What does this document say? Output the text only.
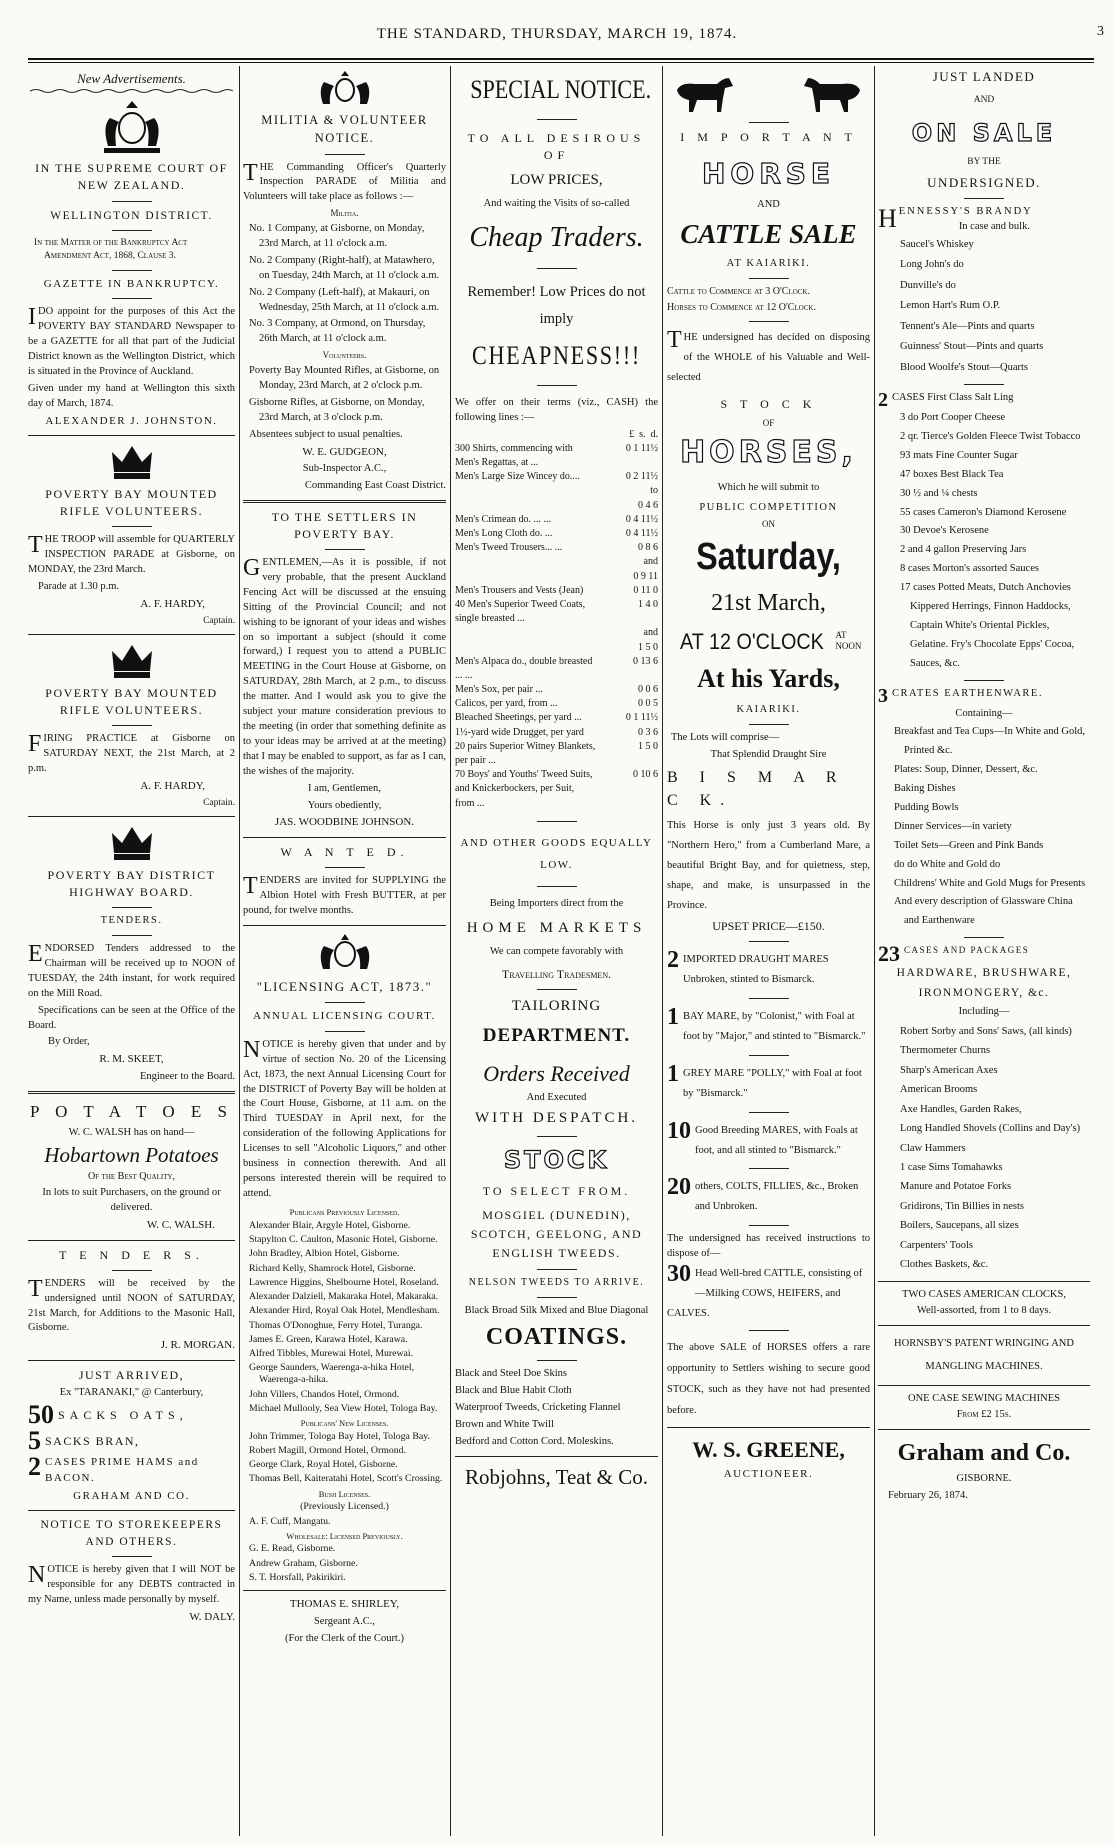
THE STANDARD, THURSDAY, MARCH 19, 1874.	3
New Advertisements.
IN THE SUPREME COURT OF NEW ZEALAND.
WELLINGTON DISTRICT.

In the Matter of the Bankruptcy Act Amendment Act, 1868, Clause 3.

GAZETTE IN BANKRUPTCY.

IDO appoint for the purposes of this Act the POVERTY BAY STANDARD Newspaper to be a GAZETTE for all that part of the Judicial District known as the Wellington District, which is situated in the Province of Auckland.

Given under my hand at Wellington this sixth day of March, 1874.

ALEXANDER J. JOHNSTON.

POVERTY BAY MOUNTED RIFLE VOLUNTEERS.

THE TROOP will assemble for QUARTERLY INSPECTION PARADE at Gisborne, on MONDAY, the 23rd March.

Parade at 1.30 p.m.

A. F. HARDY,

Captain.

POVERTY BAY MOUNTED RIFLE VOLUNTEERS.

FIRING PRACTICE at Gisborne on SATURDAY NEXT, the 21st March, at 2 p.m.

A. F. HARDY,

Captain.

POVERTY BAY DISTRICT HIGHWAY BOARD.
TENDERS.

ENDORSED Tenders addressed to the Chairman will be received up to NOON of TUESDAY, the 24th instant, for work required on the Mill Road.

Specifications can be seen at the Office of the Board.

By Order,

R. M. SKEET,

Engineer to the Board.

P O T A T O E S

W. C. WALSH has on hand—

Hobartown Potatoes

Of the Best Quality,

In lots to suit Purchasers, on the ground or delivered.

W. C. WALSH.

T E N D E R S.

TENDERS will be received by the undersigned until NOON of SATURDAY, 21st March, for Additions to the Masonic Hall, Gisborne.

J. R. MORGAN.

JUST ARRIVED,

Ex "TARANAKI," @ Canterbury,

50 SACKS OATS,
5 SACKS BRAN,
2 CASES PRIME HAMS and BACON.

GRAHAM AND CO.

NOTICE TO STOREKEEPERS AND OTHERS.

NOTICE is hereby given that I will NOT be responsible for any DEBTS contracted in my Name, unless made personally by myself.

W. DALY.

MILITIA & VOLUNTEER NOTICE.

THE Commanding Officer's Quarterly Inspection PARADE of Militia and Volunteers will take place as follows :—

Militia.

No. 1 Company, at Gisborne, on Monday, 23rd March, at 11 o'clock a.m.

No. 2 Company (Right-half), at Matawhero, on Tuesday, 24th March, at 11 o'clock a.m.

No. 2 Company (Left-half), at Makauri, on Wednesday, 25th March, at 11 o'clock a.m.

No. 3 Company, at Ormond, on Thursday, 26th March, at 11 o'clock a.m.

Volunteers.

Poverty Bay Mounted Rifles, at Gisborne, on Monday, 23rd March, at 2 o'clock p.m.

Gisborne Rifles, at Gisborne, on Monday, 23rd March, at 3 o'clock p.m.

Absentees subject to usual penalties.

W. E. GUDGEON,

Sub-Inspector A.C.,

Commanding East Coast District.

TO THE SETTLERS IN POVERTY BAY.

GENTLEMEN,—As it is possible, if not very probable, that the present Auckland Fencing Act will be discussed at the ensuing Sitting of the Provincial Council; and not wishing to be ignorant of your ideas and wishes on so important a subject (should it come forward,) I request you to attend a PUBLIC MEETING in the Court House at Gisborne, on SATURDAY, 28th March, at 2 p.m., to discuss the matter. And I would ask you to give the subject your mature consideration previous to the meeting (in order that something definite as to your ideas may be arrived at at the meeting) that I may be enabled to support, as far as I can, the wishes of the majority.

I am, Gentlemen,

Yours obediently,

JAS. WOODBINE JOHNSON.

W A N T E D.

TENDERS are invited for SUPPLYING the Albion Hotel with Fresh BUTTER, at per pound, for twelve months.

"LICENSING ACT, 1873."
ANNUAL LICENSING COURT.

NOTICE is hereby given that under and by virtue of section No. 20 of the Licensing Act, 1873, the next Annual Licensing Court for the DISTRICT of Poverty Bay will be holden at the Court House, Gisborne, at 11 a.m. on the Third TUESDAY in April next, for the consideration of the following Applications for Licenses to sell "Alcoholic Liquors," and other business in connection therewith. And all persons interested therein will be required to attend.

Publicans Previously Licensed.

Alexander Blair, Argyle Hotel, Gisborne.

Stapylton C. Caulton, Masonic Hotel, Gisborne.

John Bradley, Albion Hotel, Gisborne.

Richard Kelly, Shamrock Hotel, Gisborne.

Lawrence Higgins, Shelbourne Hotel, Roseland.

Alexander Dalziell, Makaraka Hotel, Makaraka.

Alexander Hird, Royal Oak Hotel, Mendlesham.

Thomas O'Donoghue, Ferry Hotel, Turanga.

James E. Green, Karawa Hotel, Karawa.

Alfred Tibbles, Murewai Hotel, Murewai.

George Saunders, Waerenga-a-hika Hotel, Waerenga-a-hika.

John Villers, Chandos Hotel, Ormond.

Michael Mullooly, Sea View Hotel, Tologa Bay.

Publicans' New Licenses.

John Trimmer, Tologa Bay Hotel, Tologa Bay.

Robert Magill, Ormond Hotel, Ormond.

George Clark, Royal Hotel, Gisborne.

Thomas Bell, Kaiteratahi Hotel, Scott's Crossing.

Bush Licenses.

(Previously Licensed.)

A. F. Cuff, Mangatu.

Wholesale: Licensed Previously.

G. E. Read, Gisborne.

Andrew Graham, Gisborne.

S. T. Horsfall, Pakirikiri.

THOMAS E. SHIRLEY,

Sergeant A.C.,

(For the Clerk of the Court.)

SPECIAL NOTICE.
TO ALL DESIROUS OF
LOW PRICES,

And waiting the Visits of so-called

Cheap Traders.
Remember! Low Prices do not imply
CHEAPNESS!!!

We offer on their terms (viz., CASH) the following lines :—

	£ s. d.
300 Shirts, commencing with Men's Regattas, at ...	0 1 11½
Men's Large Size Wincey do....	0 2 11½
	to
	0 4 6
Men's Crimean do. ... ...	0 4 11½
Men's Long Cloth do. ...	0 4 11½
Men's Tweed Trousers... ...	0 8 6
	and
	0 9 11
Men's Trousers and Vests (Jean)	0 11 0
40 Men's Superior Tweed Coats, single breasted ...	1 4 0
	and
	1 5 0
Men's Alpaca do., double breasted ... ...	0 13 6
Men's Sox, per pair ...	0 0 6
Calicos, per yard, from ...	0 0 5
Bleached Sheetings, per yard ...	0 1 11½
1½-yard wide Drugget, per yard	0 3 6
20 pairs Superior Witney Blankets, per pair ...	1 5 0
70 Boys' and Youths' Tweed Suits, and Knickerbockers, per Suit, from ...	0 10 6
AND OTHER GOODS EQUALLY LOW.

Being Importers direct from the

HOME MARKETS

We can compete favorably with

Travelling Tradesmen.

TAILORING
DEPARTMENT.
Orders Received

And Executed

WITH DESPATCH.
STOCK
TO SELECT FROM.
MOSGIEL (DUNEDIN), SCOTCH, GEELONG, AND ENGLISH TWEEDS.
NELSON TWEEDS TO ARRIVE.

Black Broad Silk Mixed and Blue Diagonal

COATINGS.

Black and Steel Doe Skins

Black and Blue Habit Cloth

Waterproof Tweeds, Cricketing Flannel

Brown and White Twill

Bedford and Cotton Cord. Moleskins.

Robjohns, Teat & Co.
I M P O R T A N T
HORSE

AND

CATTLE SALE

AT KAIARIKI.

Cattle to Commence at 3 O'Clock.

Horses to Commence at 12 O'Clock.

THE undersigned has decided on disposing of the WHOLE of his Valuable and Well-selected

S T O C K

OF

HORSES,

Which he will submit to

PUBLIC COMPETITION

ON

Saturday,
21st March,
AT 12 O'CLOCK AT NOON
At his Yards,

KAIARIKI.

The Lots will comprise—

That Splendid Draught Sire

B I S M A R C K.

This Horse is only just 3 years old. By "Northern Hero," from a Cumberland Mare, a beautiful Bright Bay, and for quietness, step, shape, and make, is unsurpassed in the Province.

UPSET PRICE—£150.

2 IMPORTED DRAUGHT MARES Unbroken, stinted to Bismarck.
1 BAY MARE, by "Colonist," with Foal at foot by "Major," and stinted to "Bismarck."
1 GREY MARE "POLLY," with Foal at foot by "Bismarck."
10 Good Breeding MARES, with Foals at foot, and all stinted to "Bismarck."
20 others, COLTS, FILLIES, &c., Broken and Unbroken.

The undersigned has received instructions to dispose of—

30 Head Well-bred CATTLE, consisting of—Milking COWS, HEIFERS, and CALVES.

The above SALE of HORSES offers a rare opportunity to Settlers wishing to secure good STOCK, such as they have not had presented before.

W. S. GREENE,

AUCTIONEER.

JUST LANDED

AND

ON SALE

BY THE

UNDERSIGNED.
H ENNESSY'S BRANDY
In case and bulk.
Saucel's Whiskey
Long John's do
Dunville's do
Lemon Hart's Rum O.P.
Tennent's Ale—Pints and quarts
Guinness' Stout—Pints and quarts
Blood Woolfe's Stout—Quarts
2 CASES First Class Salt Ling
3 do Port Cooper Cheese
2 qr. Tierce's Golden Fleece Twist Tobacco
93 mats Fine Counter Sugar
47 boxes Best Black Tea
30 ½ and ¼ chests
55 cases Cameron's Diamond Kerosene
30 Devoe's Kerosene
2 and 4 gallon Preserving Jars
8 cases Morton's assorted Sauces
17 cases Potted Meats, Dutch Anchovies Kippered Herrings, Finnon Haddocks, Captain White's Oriental Pickles, Gelatine. Fry's Chocolate Epps' Cocoa, Sauces, &c.
3 CRATES EARTHENWARE.

Containing—

Breakfast and Tea Cups—In White and Gold, Printed &c.
Plates: Soup, Dinner, Dessert, &c.
Baking Dishes
Pudding Bowls
Dinner Services—in variety
Toilet Sets—Green and Pink Bands
do do White and Gold do
Childrens' White and Gold Mugs for Presents
And every description of Glassware China and Earthenware
23 CASES AND PACKAGES
HARDWARE, BRUSHWARE, IRONMONGERY, &c.

Including—

Robert Sorby and Sons' Saws, (all kinds)
Thermometer Churns
Sharp's American Axes
American Brooms
Axe Handles, Garden Rakes,
Long Handled Shovels (Collins and Day's)
Claw Hammers
1 case Sims Tomahawks
Manure and Potatoe Forks
Gridirons, Tin Billies in nests
Boilers, Saucepans, all sizes
Carpenters' Tools
Clothes Baskets, &c.
TWO CASES AMERICAN CLOCKS,

Well-assorted, from 1 to 8 days.

HORNSBY'S PATENT WRINGING AND MANGLING MACHINES.
ONE CASE SEWING MACHINES

From £2 15s.

Graham and Co.

GISBORNE.

February 26, 1874.
